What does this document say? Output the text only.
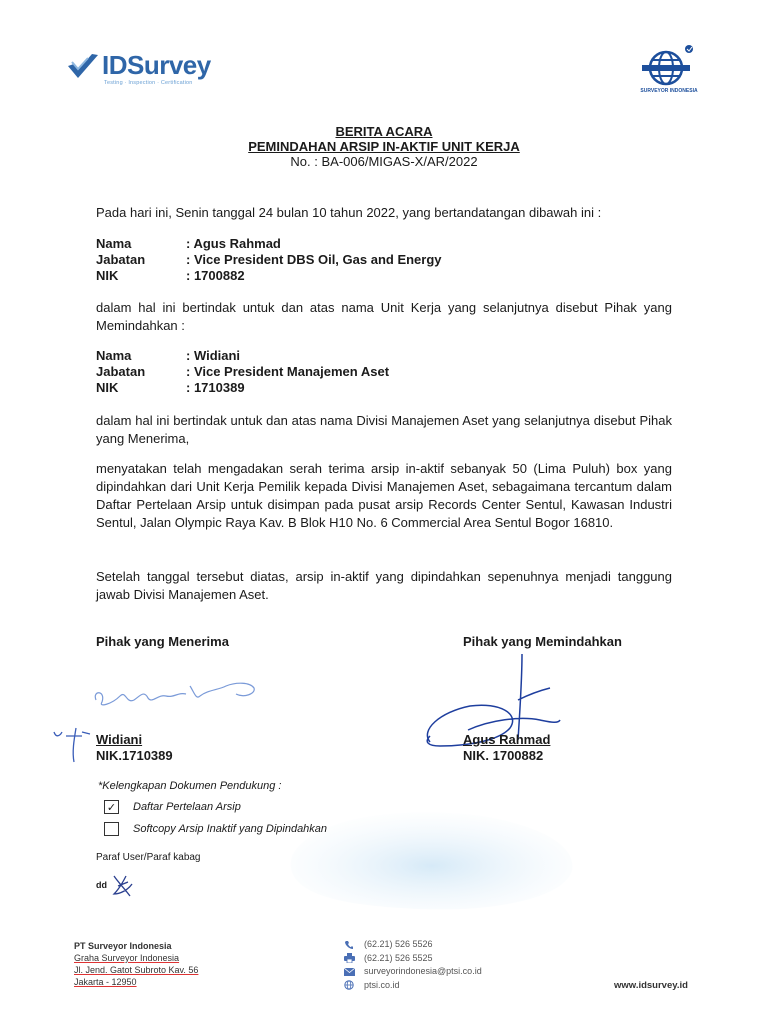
IDSurvey
Testing · Inspection · Certification
SURVEYOR INDONESIA
BERITA ACARA
PEMINDAHAN ARSIP IN-AKTIF UNIT KERJA
No. : BA-006/MIGAS-X/AR/2022
Pada hari ini, Senin tanggal 24 bulan 10 tahun 2022, yang bertandatangan dibawah ini :
Nama	: Agus Rahmad
Jabatan	: Vice President DBS Oil, Gas and Energy
NIK	: 1700882
dalam hal ini bertindak untuk dan atas nama Unit Kerja yang selanjutnya disebut Pihak yang Memindahkan :
Nama	: Widiani
Jabatan	: Vice President Manajemen Aset
NIK	: 1710389
dalam hal ini bertindak untuk dan atas nama Divisi Manajemen Aset yang selanjutnya disebut Pihak yang Menerima,
menyatakan telah mengadakan serah terima arsip in-aktif sebanyak 50 (Lima Puluh) box yang dipindahkan dari Unit Kerja Pemilik kepada Divisi Manajemen Aset, sebagaimana tercantum dalam Daftar Pertelaan Arsip untuk disimpan pada pusat arsip Records Center Sentul, Kawasan Industri Sentul, Jalan Olympic Raya Kav. B Blok H10 No. 6 Commercial Area Sentul Bogor 16810.
Setelah tanggal tersebut diatas, arsip in-aktif yang dipindahkan sepenuhnya menjadi tanggung jawab Divisi Manajemen Aset.
Pihak yang Menerima	Pihak yang Memindahkan
Widiani
NIK.1710389
Agus Rahmad
NIK. 1700882
*Kelengkapan Dokumen Pendukung :
✓ Daftar Pertelaan Arsip
Softcopy Arsip Inaktif yang Dipindahkan
Paraf User/Paraf kabag
dd
PT Surveyor Indonesia
Graha Surveyor Indonesia
Jl. Jend. Gatot Subroto Kav. 56
Jakarta - 12950
(62.21) 526 5526
(62.21) 526 5525
surveyorindonesia@ptsi.co.id
ptsi.co.id	www.idsurvey.id
